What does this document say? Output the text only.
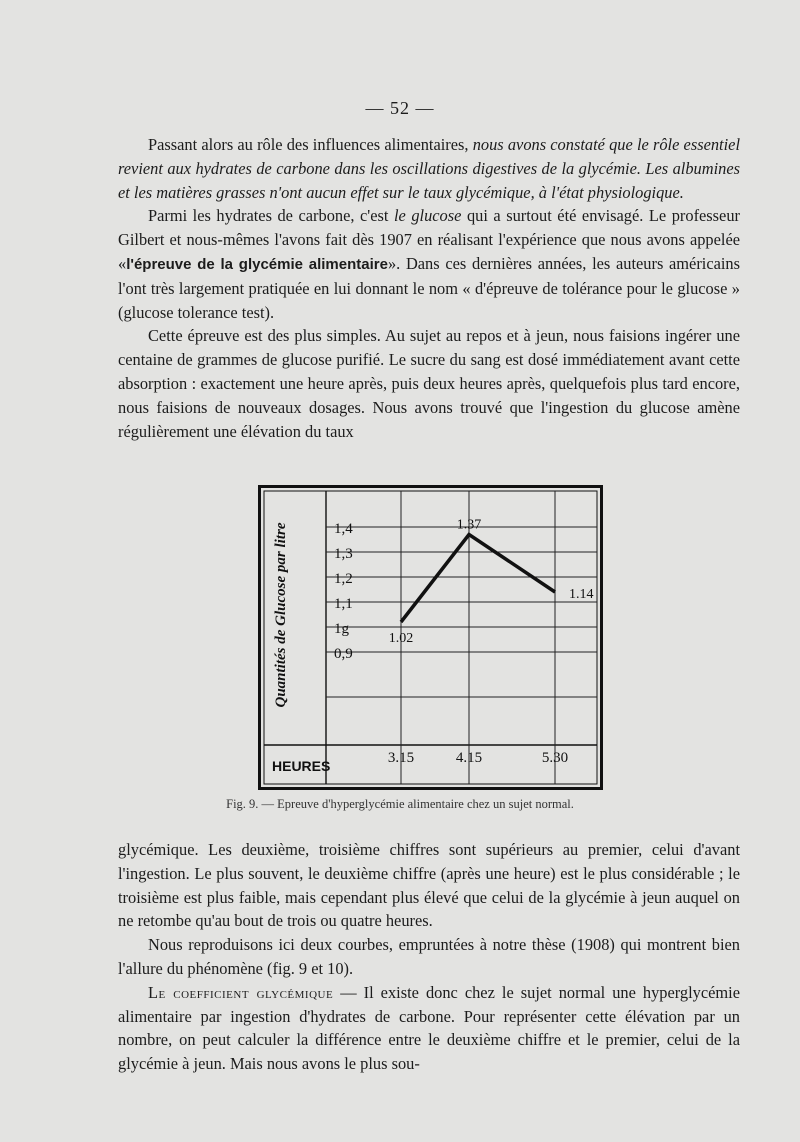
— 52 —

Passant alors au rôle des influences alimentaires, nous avons constaté que le rôle essentiel revient aux hydrates de carbone dans les oscillations digestives de la glycémie. Les albumines et les matières grasses n'ont aucun effet sur le taux glycémique, à l'état physiologique.

Parmi les hydrates de carbone, c'est le glucose qui a surtout été envisagé. Le professeur Gilbert et nous-mêmes l'avons fait dès 1907 en réalisant l'expérience que nous avons appelée «l'épreuve de la glycémie alimentaire». Dans ces dernières années, les auteurs américains l'ont très largement pratiquée en lui donnant le nom « d'épreuve de tolérance pour le glucose » (glucose tolerance test).

Cette épreuve est des plus simples. Au sujet au repos et à jeun, nous faisions ingérer une centaine de grammes de glucose purifié. Le sucre du sang est dosé immédiatement avant cette absorption : exactement une heure après, puis deux heures après, quelquefois plus tard encore, nous faisions de nouveaux dosages. Nous avons trouvé que l'ingestion du glucose amène régulièrement une élévation du taux

1,4
1,3
1,2
1,1
1g
0,9
Quantités de Glucose par litre
HEURES	3.15	4.15	5.30
1.02
1.37
1.14
Fig. 9. — Epreuve d'hyperglycémie alimentaire chez un sujet normal.

glycémique. Les deuxième, troisième chiffres sont supérieurs au premier, celui d'avant l'ingestion. Le plus souvent, le deuxième chiffre (après une heure) est le plus considérable ; le troisième est plus faible, mais cependant plus élevé que celui de la glycémie à jeun auquel on ne retombe qu'au bout de trois ou quatre heures.

Nous reproduisons ici deux courbes, empruntées à notre thèse (1908) qui montrent bien l'allure du phénomène (fig. 9 et 10).

Le coefficient glycémique — Il existe donc chez le sujet normal une hyperglycémie alimentaire par ingestion d'hydrates de carbone. Pour représenter cette élévation par un nombre, on peut calculer la différence entre le deuxième chiffre et le premier, celui de la glycémie à jeun. Mais nous avons le plus sou-
